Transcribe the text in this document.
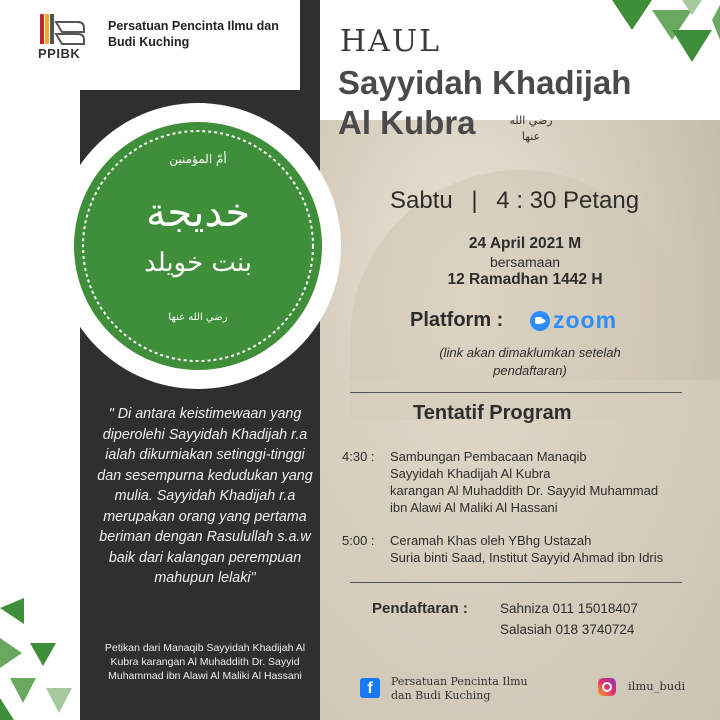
PPIBK
Persatuan Pencinta Ilmu dan Budi Kuching
أمّ المؤمنين
خديجة
بنت خويلد
رضي الله عنها
" Di antara keistimewaan yang diperolehi Sayyidah Khadijah r.a ialah dikurniakan setinggi-tinggi dan sesempurna kedudukan yang mulia. Sayyidah Khadijah r.a merupakan orang yang pertama beriman dengan Rasulullah s.a.w baik dari kalangan perempuan mahupun lelaki"
Petikan dari Manaqib Sayyidah Khadijah Al Kubra karangan Al Muhaddith Dr. Sayyid Muhammad ibn Alawi Al Maliki Al Hassani
HAUL
Sayyidah Khadijah
Al Kubra	رضي الله عنها
Sabtu | 4 : 30 Petang
24 April 2021 M
bersamaan
12 Ramadhan 1442 H
Platform : zoom
(link akan dimaklumkan setelah pendaftaran)
Tentatif Program
4:30 : Sambungan Pembacaan Manaqib
Sayyidah Khadijah Al Kubra
karangan Al Muhaddith Dr. Sayyid Muhammad
ibn Alawi Al Maliki Al Hassani
5:00 : Ceramah Khas oleh YBhg Ustazah
Suria binti Saad, Institut Sayyid Ahmad ibn Idris
Pendaftaran : Sahniza 011 15018407
Salasiah 018 3740724
f	Persatuan Pencinta Ilmu dan Budi Kuching
ilmu_budi
